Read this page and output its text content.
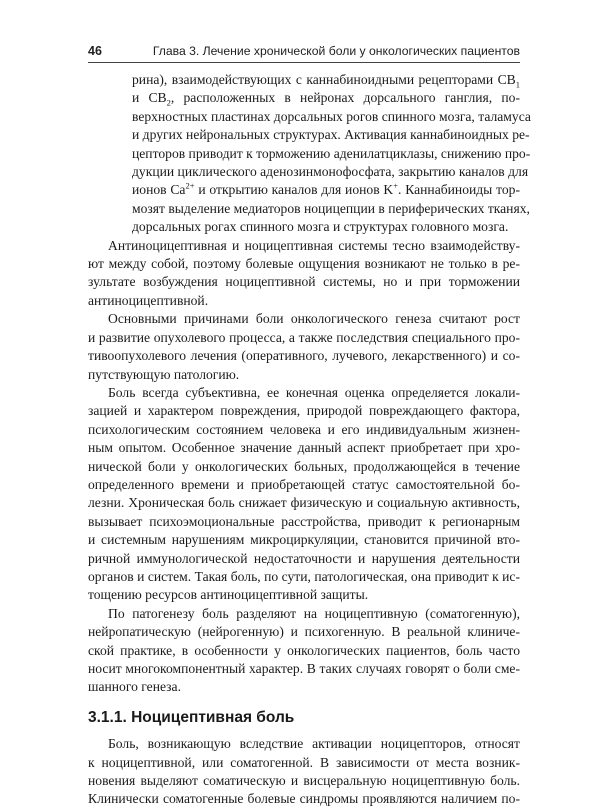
46	Глава 3. Лечение хронической боли у онкологических пациентов
рина), взаимодействующих с каннабиноидными рецепторами $CB_1$
и $CB_2$, расположенных в нейронах дорсального ганглия, по-
верхностных пластинах дорсальных рогов спинного мозга, таламуса
и других нейрональных структурах. Активация каннабиноидных ре-
цепторов приводит к торможению аденилатциклазы, снижению про-
дукции циклического аденозинмонофосфата, закрытию каналов для
ионов $Ca^{2+}$ и открытию каналов для ионов K+. Каннабиноиды тор-
мозят выделение медиаторов ноцицепции в периферических тканях,
дорсальных рогах спинного мозга и структурах головного мозга.

Антиноцицептивная и ноцицептивная системы тесно взаимодейству-
ют между собой, поэтому болевые ощущения возникают не только в ре-
зультате возбуждения ноцицептивной системы, но и при торможении
антиноцицептивной.

Основными причинами боли онкологического генеза считают рост
и развитие опухолевого процесса, а также последствия специального про-
тивоопухолевого лечения (оперативного, лучевого, лекарственного) и со-
путствующую патологию.

Боль всегда субъективна, ее конечная оценка определяется локали-
зацией и характером повреждения, природой повреждающего фактора,
психологическим состоянием человека и его индивидуальным жизнен-
ным опытом. Особенное значение данный аспект приобретает при хро-
нической боли у онкологических больных, продолжающейся в течение
определенного времени и приобретающей статус самостоятельной бо-
лезни. Хроническая боль снижает физическую и социальную активность,
вызывает психоэмоциональные расстройства, приводит к регионарным
и системным нарушениям микроциркуляции, становится причиной вто-
ричной иммунологической недостаточности и нарушения деятельности
органов и систем. Такая боль, по сути, патологическая, она приводит к ис-
тощению ресурсов антиноцицептивной защиты.

По патогенезу боль разделяют на ноцицептивную (соматогенную),
нейропатическую (нейрогенную) и психогенную. В реальной клиниче-
ской практике, в особенности у онкологических пациентов, боль часто
носит многокомпонентный характер. В таких случаях говорят о боли сме-
шанного генеза.

3.1.1. Ноцицептивная боль

Боль, возникающую вследствие активации ноцицепторов, относят
к ноцицептивной, или соматогенной. В зависимости от места возник-
новения выделяют соматическую и висцеральную ноцицептивную боль.
Клинически соматогенные болевые синдромы проявляются наличием по-
